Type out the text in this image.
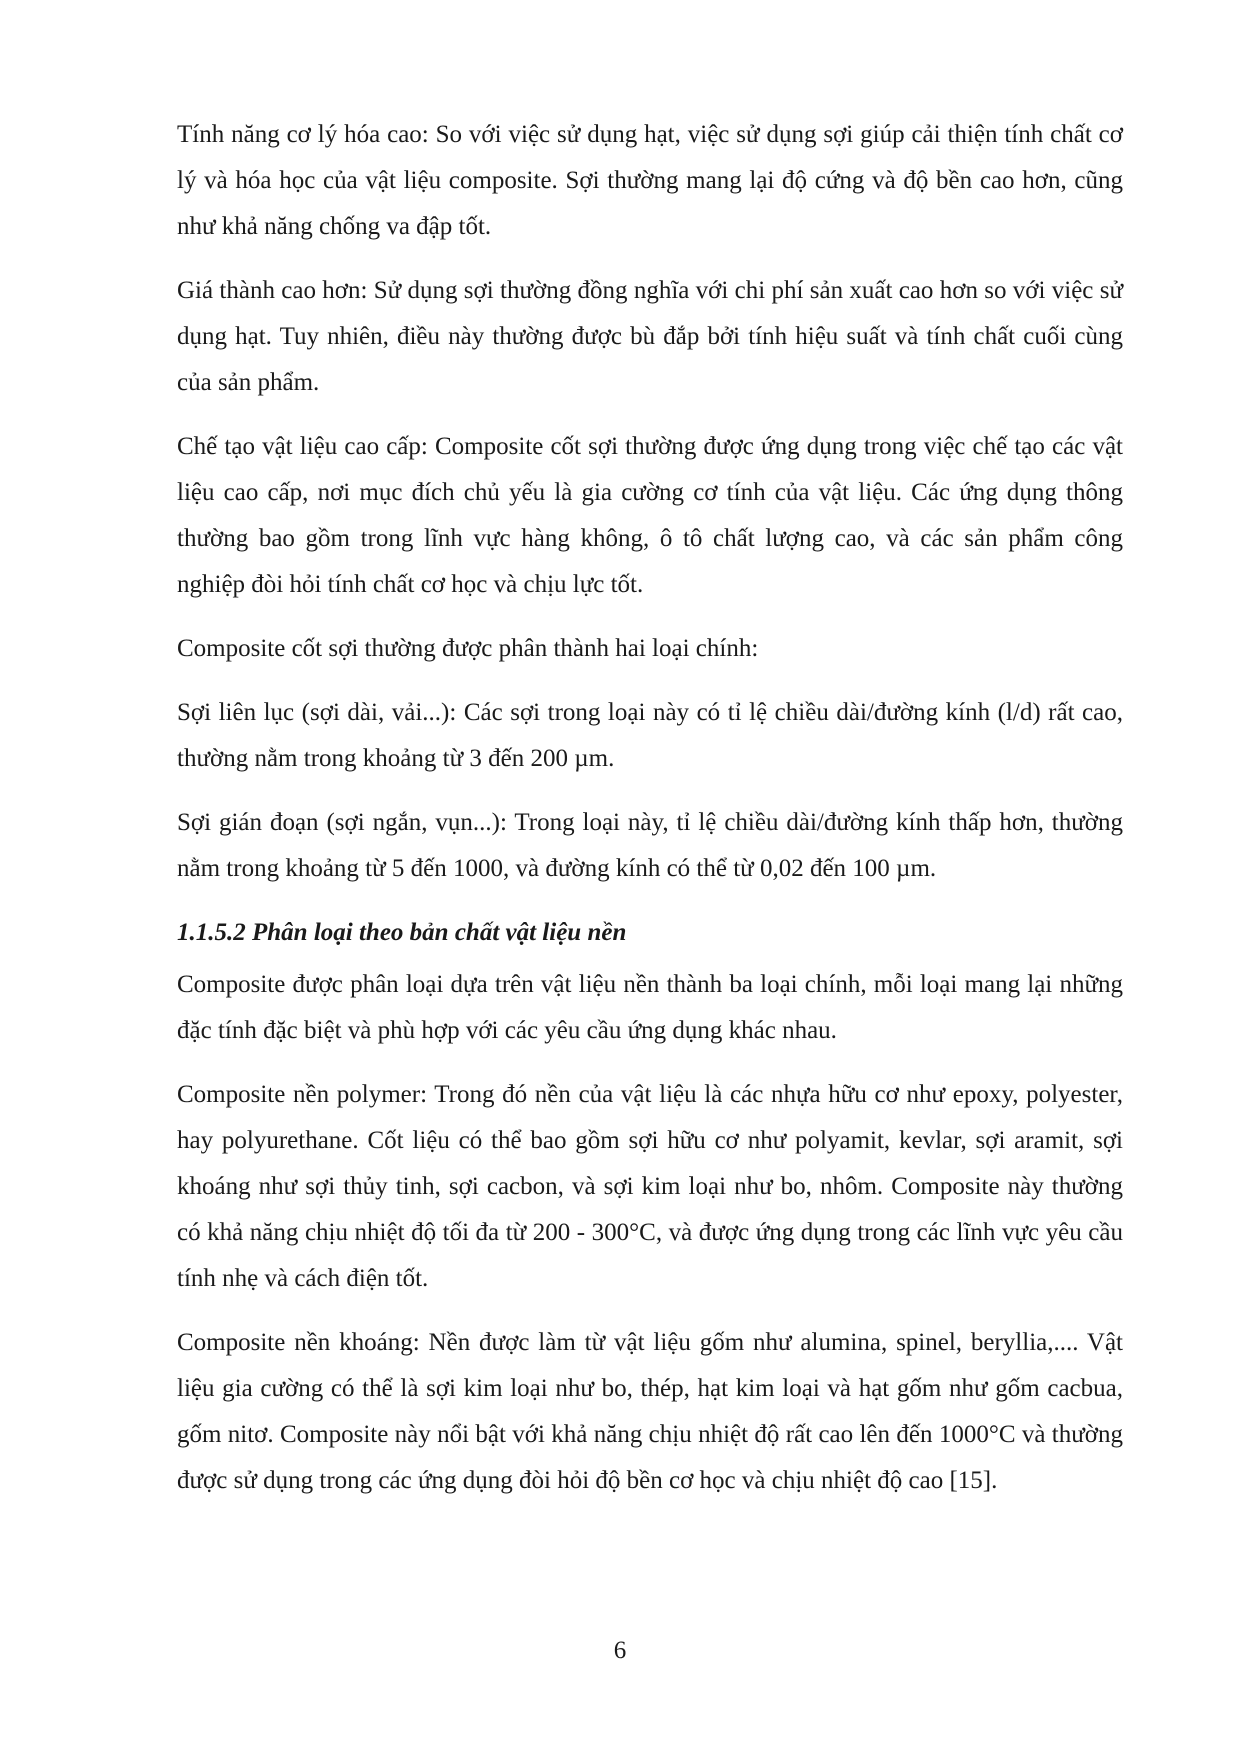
Tính năng cơ lý hóa cao: So với việc sử dụng hạt, việc sử dụng sợi giúp cải thiện tính chất cơ lý và hóa học của vật liệu composite. Sợi thường mang lại độ cứng và độ bền cao hơn, cũng như khả năng chống va đập tốt.

Giá thành cao hơn: Sử dụng sợi thường đồng nghĩa với chi phí sản xuất cao hơn so với việc sử dụng hạt. Tuy nhiên, điều này thường được bù đắp bởi tính hiệu suất và tính chất cuối cùng của sản phẩm.

Chế tạo vật liệu cao cấp: Composite cốt sợi thường được ứng dụng trong việc chế tạo các vật liệu cao cấp, nơi mục đích chủ yếu là gia cường cơ tính của vật liệu. Các ứng dụng thông thường bao gồm trong lĩnh vực hàng không, ô tô chất lượng cao, và các sản phẩm công nghiệp đòi hỏi tính chất cơ học và chịu lực tốt.

Composite cốt sợi thường được phân thành hai loại chính:

Sợi liên lục (sợi dài, vải...): Các sợi trong loại này có tỉ lệ chiều dài/đường kính (l/d) rất cao, thường nằm trong khoảng từ 3 đến 200 µm.

Sợi gián đoạn (sợi ngắn, vụn...): Trong loại này, tỉ lệ chiều dài/đường kính thấp hơn, thường nằm trong khoảng từ 5 đến 1000, và đường kính có thể từ 0,02 đến 100 µm.

1.1.5.2 Phân loại theo bản chất vật liệu nền

Composite được phân loại dựa trên vật liệu nền thành ba loại chính, mỗi loại mang lại những đặc tính đặc biệt và phù hợp với các yêu cầu ứng dụng khác nhau.

Composite nền polymer: Trong đó nền của vật liệu là các nhựa hữu cơ như epoxy, polyester, hay polyurethane. Cốt liệu có thể bao gồm sợi hữu cơ như polyamit, kevlar, sợi aramit, sợi khoáng như sợi thủy tinh, sợi cacbon, và sợi kim loại như bo, nhôm. Composite này thường có khả năng chịu nhiệt độ tối đa từ 200 - 300°C, và được ứng dụng trong các lĩnh vực yêu cầu tính nhẹ và cách điện tốt.

Composite nền khoáng: Nền được làm từ vật liệu gốm như alumina, spinel, beryllia,.... Vật liệu gia cường có thể là sợi kim loại như bo, thép, hạt kim loại và hạt gốm như gốm cacbua, gốm nitơ. Composite này nổi bật với khả năng chịu nhiệt độ rất cao lên đến 1000°C và thường được sử dụng trong các ứng dụng đòi hỏi độ bền cơ học và chịu nhiệt độ cao [15].

6
